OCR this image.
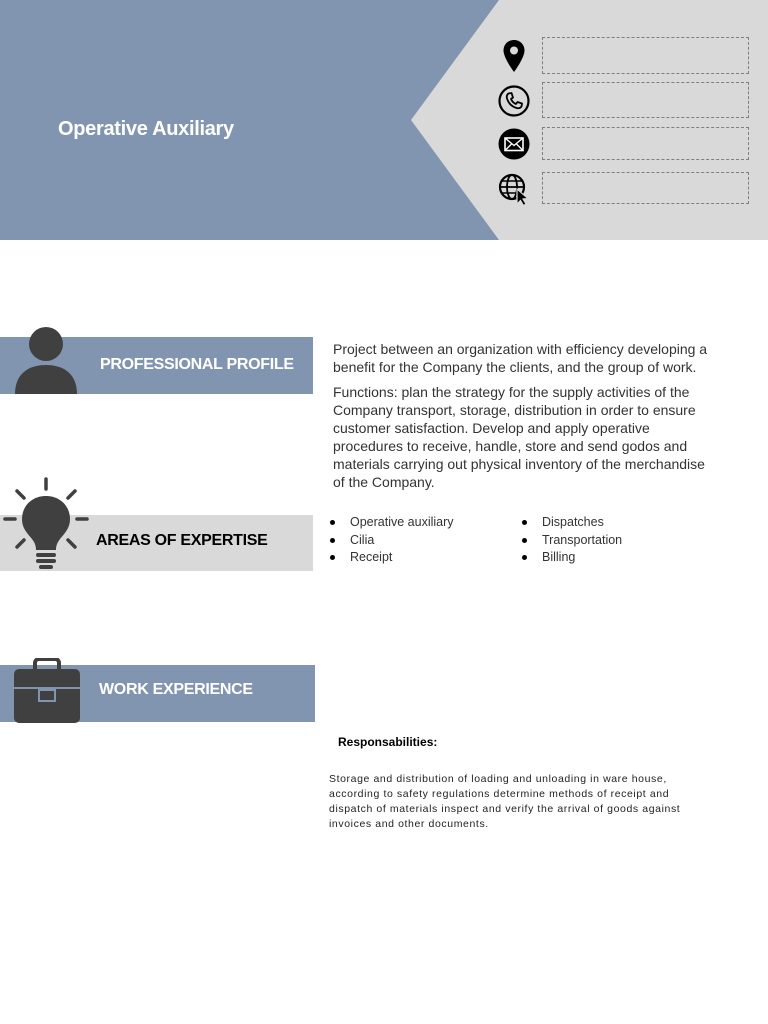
Operative Auxiliary
PROFESSIONAL PROFILE

Project between an organization with efficiency developing a benefit for the Company the clients, and the group of work.

Functions: plan the strategy for the supply activities of the Company transport, storage, distribution in order to ensure customer satisfaction. Develop and apply operative procedures to receive, handle, store and send godos and materials carrying out physical inventory of the merchandise of the Company.

AREAS OF EXPERTISE
Operative auxiliary
Cilia
Receipt
Dispatches
Transportation
Billing
WORK EXPERIENCE
Responsabilities:
Storage and distribution of loading and unloading in ware house, according to safety regulations determine methods of receipt and dispatch of materials inspect and verify the arrival of goods against invoices and other documents.
